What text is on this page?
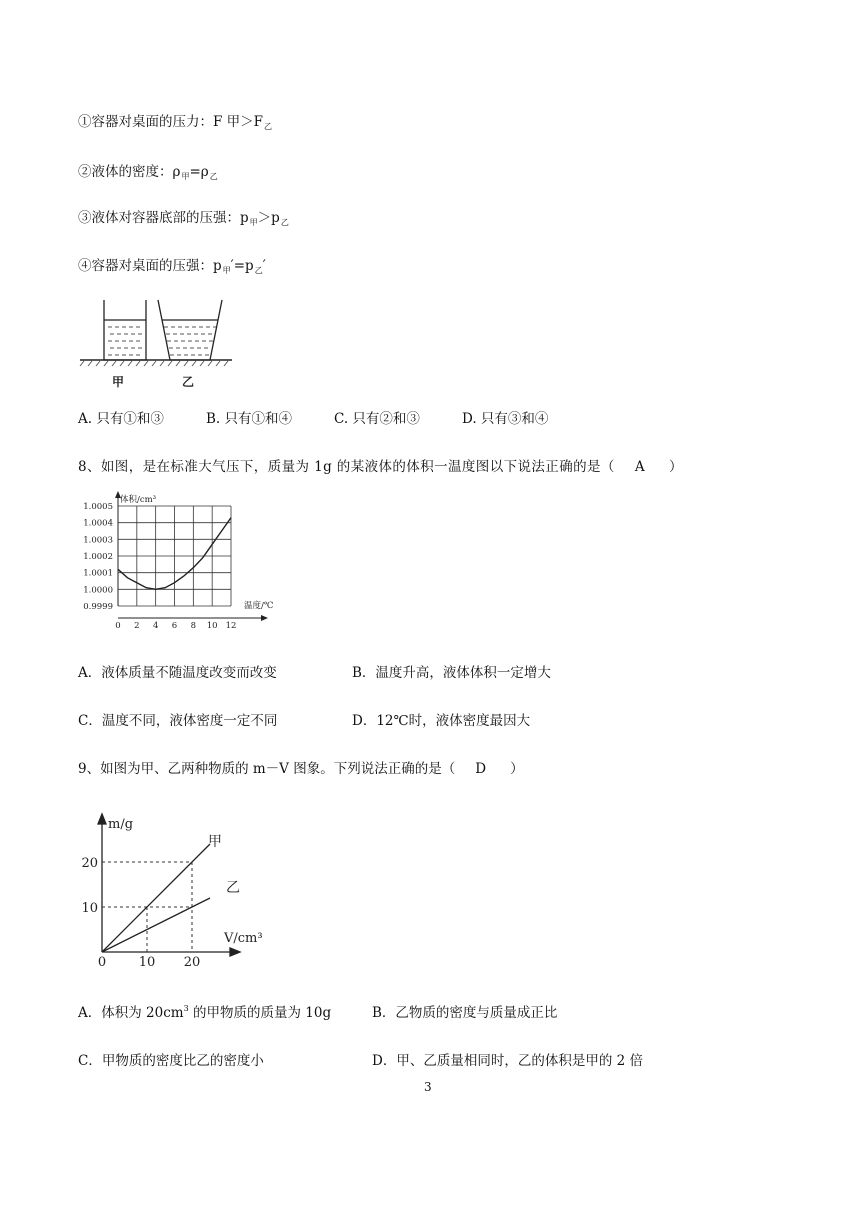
①容器对桌面的压力：F 甲$>F_乙$
②液体的密度：$\rho_甲=\rho_乙$
③液体对容器底部的压强：$p_甲>p_乙$
④容器对桌面的压强：$p_甲'=p_乙'$
甲	乙
A. 只有①和③	B. 只有①和④	C. 只有②和③	D. 只有③和④
8、如图，是在标准大气压下，质量为 1g 的某液体的体积一温度图以下说法正确的是（ A ）
0.9999
1.0000
1.0001
1.0002
1.0003
1.0004
1.0005
0 2 4 6 8 10 12
体积/cm³
温度/℃
A．液体质量不随温度改变而改变	B．温度升高，液体体积一定增大
C．温度不同，液体密度一定不同	D．12℃时，液体密度最因大
9、如图为甲、乙两种物质的 m－V 图象。下列说法正确的是（ D ）
0	10 20
10
20
m/g
V/cm³
甲
乙
A．体积为 $20cm^3$ 的甲物质的质量为 10g	B．乙物质的密度与质量成正比
C．甲物质的密度比乙的密度小	D．甲、乙质量相同时，乙的体积是甲的 2 倍
3
